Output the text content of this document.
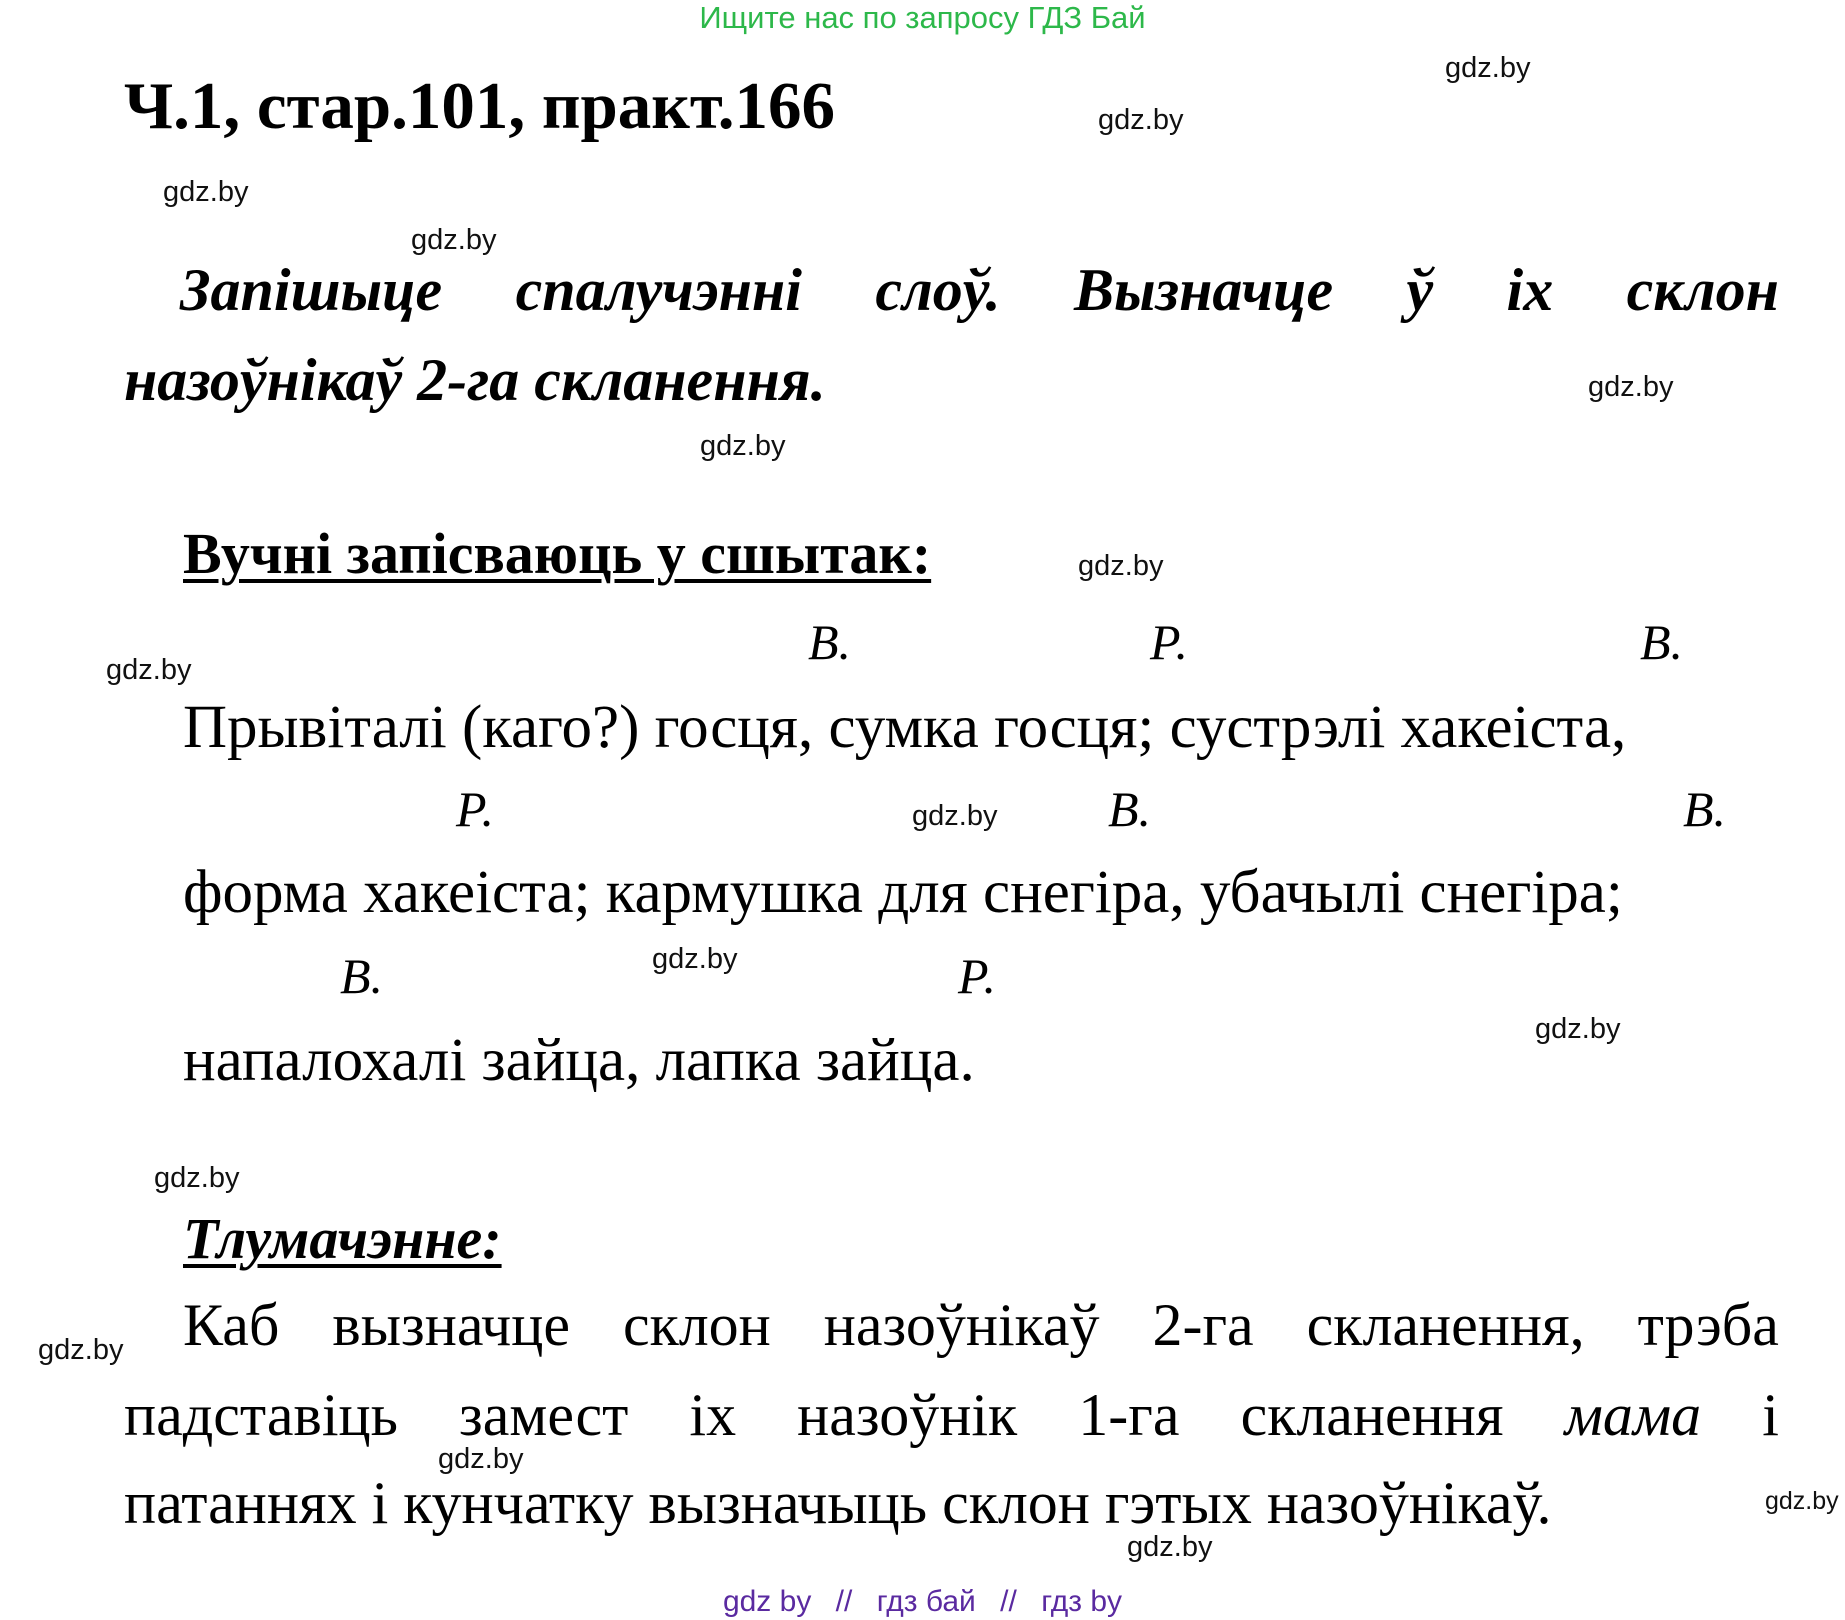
Ищите нас по запросу ГДЗ Бай
gdz.by
gdz.by
gdz.by
gdz.by
gdz.by
gdz.by
gdz.by
gdz.by
gdz.by
gdz.by
gdz.by
gdz.by
gdz.by
gdz.by
gdz.by
gdz.by
Ч.1, стар.101, практ.166
Запішыце спалучэнні слоў. Вызначце ў іх склон
назоўнікаў 2-га скланення.
Вучні запісваюць у сшытак:
В.	Р.	В.
Прывіталі (каго?) госця, сумка госця; сустрэлі хакеіста,
Р.	В.	В.
форма хакеіста; кармушка для снегіра, убачылі снегіра;
В.	Р.
напалохалі зайца, лапка зайца.
Тлумачэнне:
Каб вызначце склон назоўнікаў 2-га скланення, трэба
падставіць замест іх назоўнік 1-га скланення мама і
патаннях і кунчатку вызначыць склон гэтых назоўнікаў.
gdz by // гдз бай // гдз by
